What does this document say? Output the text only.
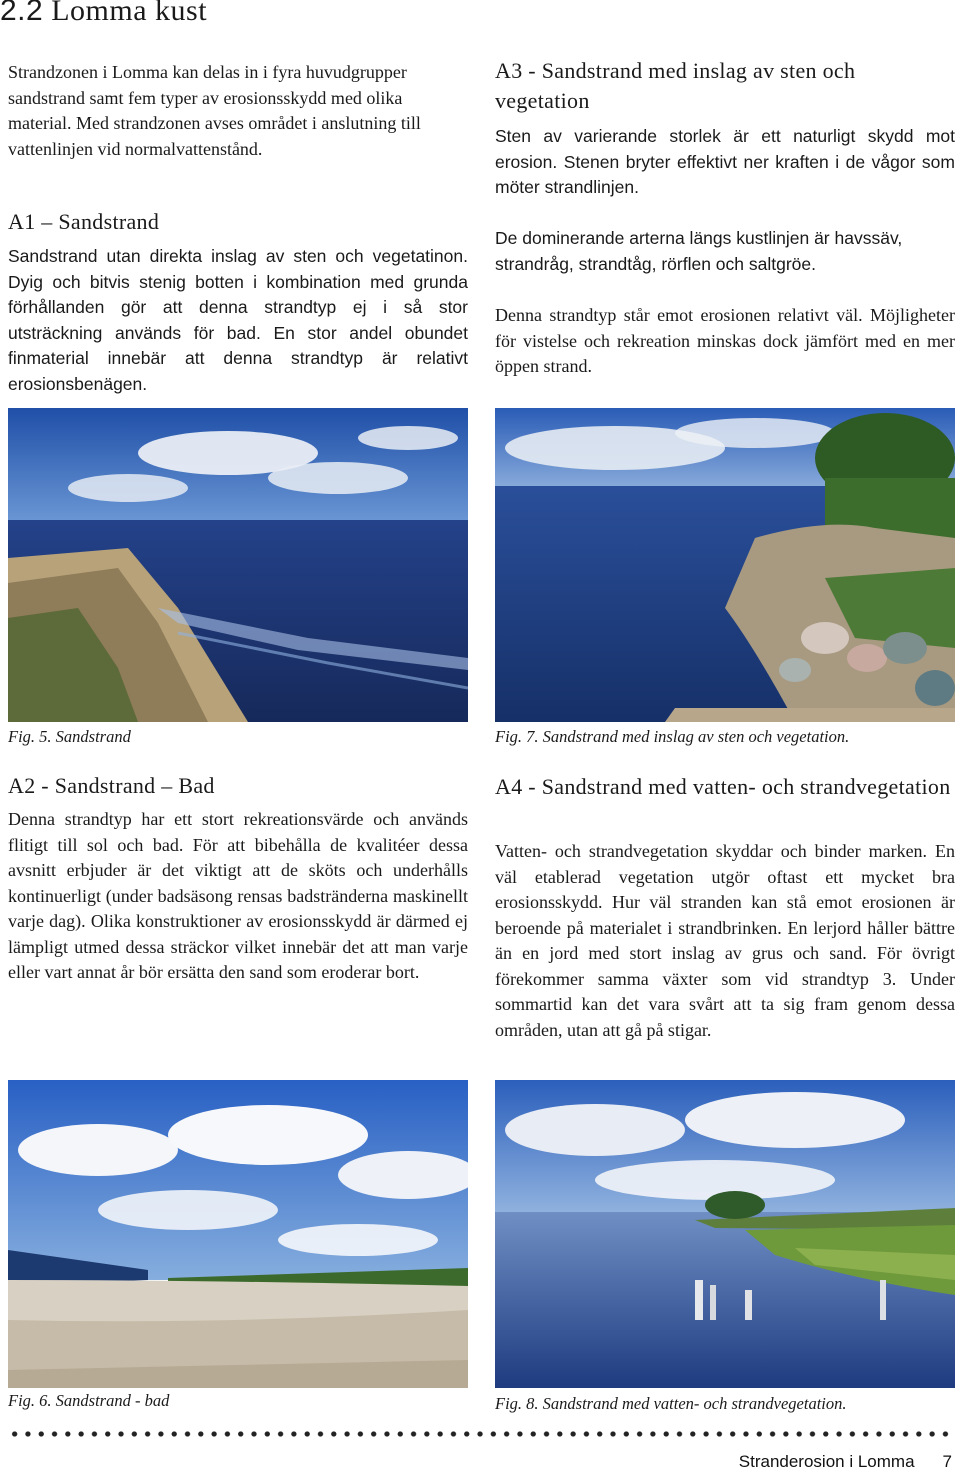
2.2 Lomma kust

Strandzonen i Lomma kan delas in i fyra huvudgrupper sandstrand samt fem typer av erosionsskydd med olika material. Med strandzonen avses området i anslutning till vattenlinjen vid normalvattenstånd.

A1 – Sandstrand

Sandstrand utan direkta inslag av sten och vegetatinon. Dyig och bitvis stenig botten i kombination med grunda förhållanden gör att denna strandtyp ej i så stor utsträckning används för bad. En stor andel obundet finmaterial innebär att denna strandtyp är relativt erosionsbenägen.

A3 - Sandstrand med inslag av sten och vegetation

Sten av varierande storlek är ett naturligt skydd mot erosion. Stenen bryter effektivt ner kraften i de vågor som möter strandlinjen.

De dominerande arterna längs kustlinjen är havssäv, strandråg, strandtåg, rörflen och saltgröe.

Denna strandtyp står emot erosionen relativt väl. Möjligheter för vistelse och rekreation minskas dock jämfört med en mer öppen strand.

Fig. 5. Sandstrand	Fig. 7. Sandstrand med inslag av sten och vegetation.

A2 - Sandstrand – Bad

Denna strandtyp har ett stort rekreationsvärde och används flitigt till sol och bad. För att bibehålla de kvalitéer dessa avsnitt erbjuder är det viktigt att de sköts och underhålls kontinuerligt (under badsäsong rensas badstränderna maskinellt varje dag). Olika konstruktioner av erosionsskydd är därmed ej lämpligt utmed dessa sträckor vilket innebär det att man varje eller vart annat år bör ersätta den sand som eroderar bort.

A4 - Sandstrand med vatten- och strandvegetation

Vatten- och strandvegetation skyddar och binder marken. En väl etablerad vegetation utgör oftast ett mycket bra erosionsskydd. Hur väl stranden kan stå emot erosionen är beroende på materialet i strandbrinken. En lerjord håller bättre än en jord med stort inslag av grus och sand. För övrigt förekommer samma växter som vid strandtyp 3. Under sommartid kan det vara svårt att ta sig fram genom dessa områden, utan att gå på stigar.

Fig. 6. Sandstrand - bad	Fig. 8. Sandstrand med vatten- och strandvegetation.

Stranderosion i Lomma 7
